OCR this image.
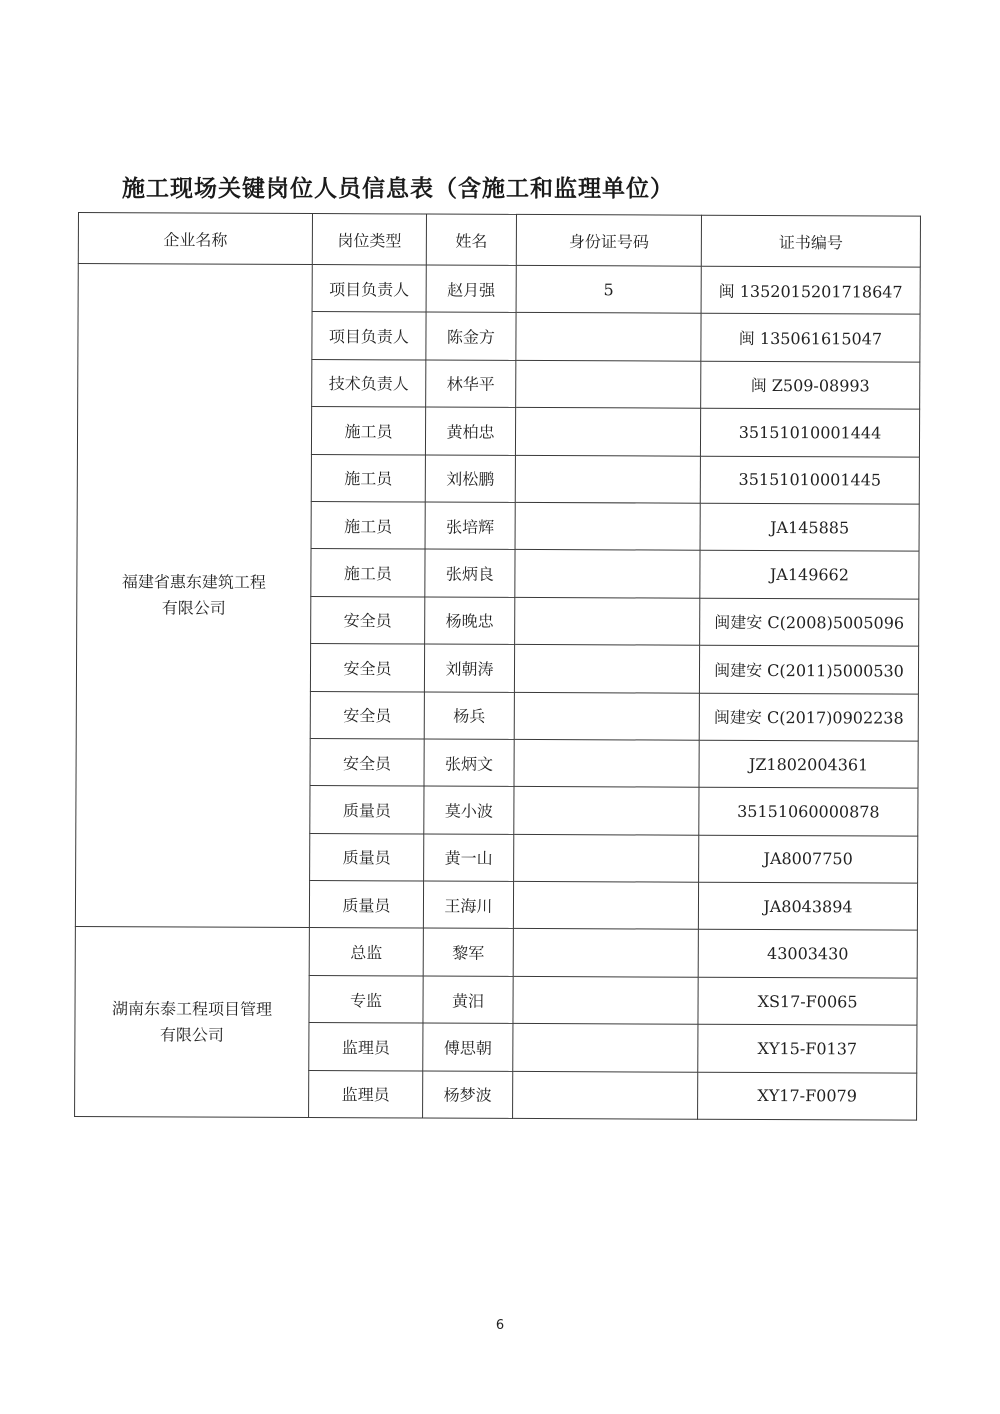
施工现场关键岗位人员信息表（含施工和监理单位）
企业名称	岗位类型	姓名	身份证号码	证书编号

福建省惠东建筑工程
有限公司	项目负责人	赵月强	5	闽 1352015201718647
	项目负责人	陈金方		闽 135061615047
	技术负责人	林华平		闽 Z509-08993
	施工员	黄柏忠		35151010001444
	施工员	刘松鹏		35151010001445
	施工员	张培辉		JA145885
	施工员	张炳良		JA149662
	安全员	杨晚忠		闽建安 C(2008)5005096
	安全员	刘朝涛		闽建安 C(2011)5000530
	安全员	杨兵		闽建安 C(2017)0902238
	安全员	张炳文		JZ1802004361
	质量员	莫小波		35151060000878
	质量员	黄一山		JA8007750
	质量员	王海川		JA8043894

湖南东泰工程项目管理
有限公司	总监	黎军		43003430
	专监	黄汨		XS17-F0065
	监理员	傅思朝		XY15-F0137
	监理员	杨梦波		XY17-F0079
6
